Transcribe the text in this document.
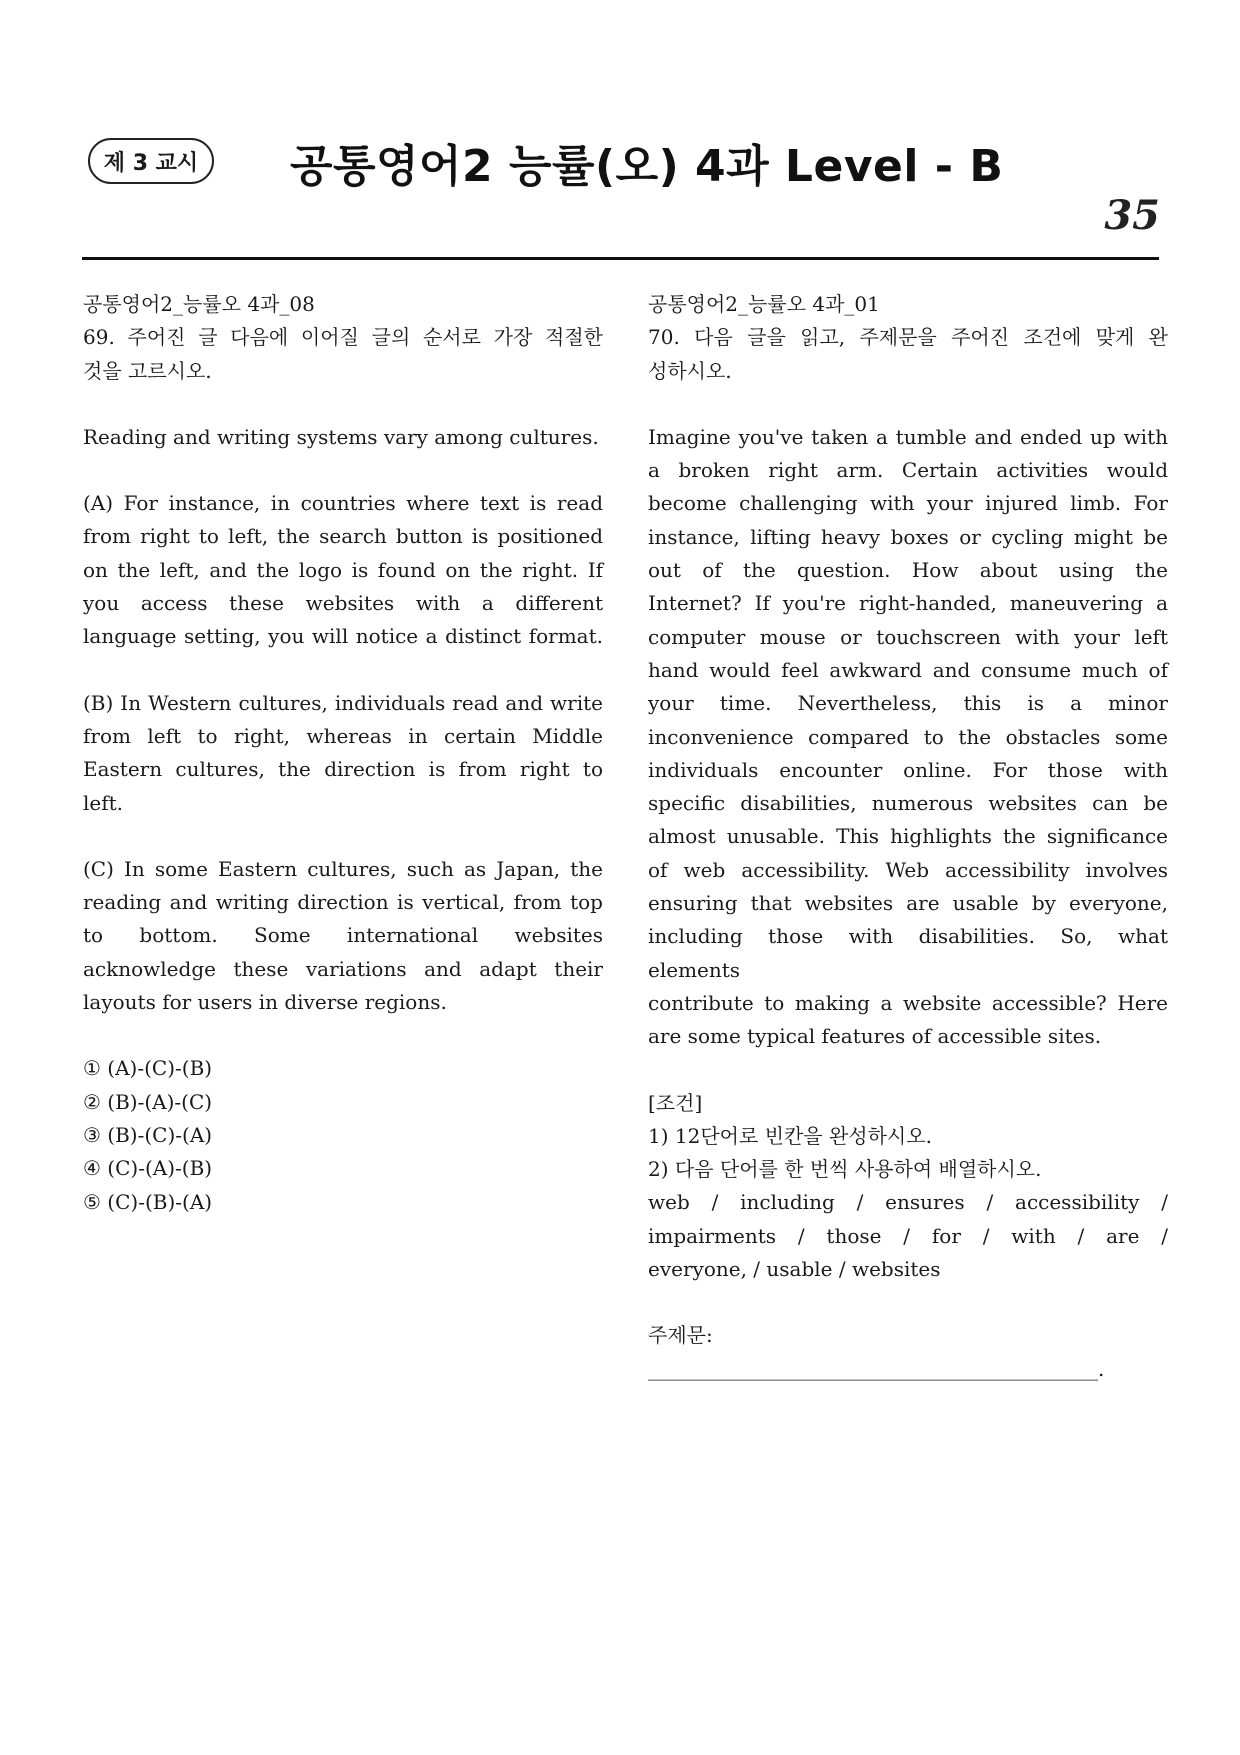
제 3 교시	공통영어2 능률(오) 4과 Level - B
35

공통영어2_능률오 4과_08

69. 주어진 글 다음에 이어질 글의 순서로 가장 적절한

것을 고르시오.

Reading and writing systems vary among cultures.

(A) For instance, in countries where text is read

from right to left, the search button is positioned

on the left, and the logo is found on the right. If

you access these websites with a different

language setting, you will notice a distinct format.

(B) In Western cultures, individuals read and write

from left to right, whereas in certain Middle

Eastern cultures, the direction is from right to

left.

(C) In some Eastern cultures, such as Japan, the

reading and writing direction is vertical, from top

to bottom. Some international websites

acknowledge these variations and adapt their

layouts for users in diverse regions.

① (A)-(C)-(B)

② (B)-(A)-(C)

③ (B)-(C)-(A)

④ (C)-(A)-(B)

⑤ (C)-(B)-(A)

공통영어2_능률오 4과_01

70. 다음 글을 읽고, 주제문을 주어진 조건에 맞게 완

성하시오.

Imagine you've taken a tumble and ended up with

a broken right arm. Certain activities would

become challenging with your injured limb. For

instance, lifting heavy boxes or cycling might be

out of the question. How about using the

Internet? If you're right-handed, maneuvering a

computer mouse or touchscreen with your left

hand would feel awkward and consume much of

your time. Nevertheless, this is a minor

inconvenience compared to the obstacles some

individuals encounter online. For those with

specific disabilities, numerous websites can be

almost unusable. This highlights the significance

of web accessibility. Web accessibility involves

ensuring that websites are usable by everyone,

including those with disabilities. So, what elements

contribute to making a website accessible? Here

are some typical features of accessible sites.

[조건]

1) 12단어로 빈칸을 완성하시오.

2) 다음 단어를 한 번씩 사용하여 배열하시오.

web / including / ensures / accessibility /

impairments / those / for / with / are /

everyone, / usable / websites

주제문:

_____________________________________________.
